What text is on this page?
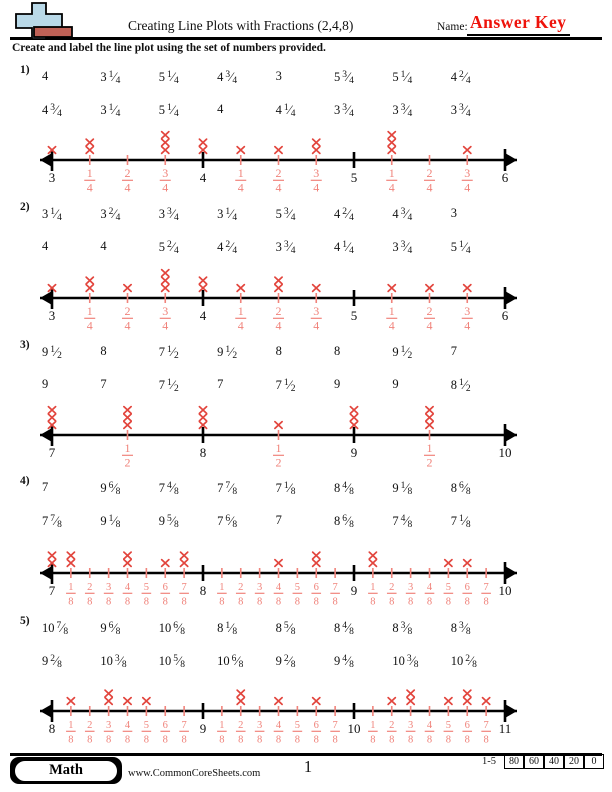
Creating Line Plots with Fractions (2,4,8)	Name: Answer Key
Create and label the line plot using the set of numbers provided.
1) 4	3 $^1$⁄4	5 $^1$⁄4	4 $^3$⁄4	3	5 $^3$⁄4	5 $^1$⁄4	4 $^2$⁄4
4 $^3$⁄4	3 $^1$⁄4	5 $^1$⁄4	4	4 $^1$⁄4	3 $^3$⁄4	3 $^3$⁄4	3 $^3$⁄4
3	1
4
2
4
3
4
4	1
4
2
4
3
4
5	1
4
2
4
3
4
6
2) 3 $^1$⁄4	3 $^2$⁄4	3 $^3$⁄4	3 $^1$⁄4	5 $^3$⁄4	4 $^2$⁄4	4 $^3$⁄4	3
4	4	5 $^2$⁄4	4 $^2$⁄4	3 $^3$⁄4	4 $^1$⁄4	3 $^3$⁄4	5 $^1$⁄4
3	1
4
2
4
3
4
4	1
4
2
4
3
4
5	1
4
2
4
3
4
6
3) 9 $^1$⁄2	8	7 $^1$⁄2	9 $^1$⁄2	8	8	9 $^1$⁄2	7
9	7	7 $^1$⁄2	7	7 $^1$⁄2	9	9	8 $^1$⁄2
7	1
2
8	1
2
9	1
2
10
4) 7	9 $^6$⁄8	7 $^4$⁄8	7 $^7$⁄8	7 $^1$⁄8	8 $^4$⁄8	9 $^1$⁄8	8 $^6$⁄8
7 $^7$⁄8	9 $^1$⁄8	9 $^5$⁄8	7 $^6$⁄8	7	8 $^6$⁄8	7 $^4$⁄8	7 $^1$⁄8
7 1
8
2
8
3
8
4
8
5
8
6
8
7
8
8 1
8
2
8
3
8
4
8
5
8
6
8
7
8
9 1
8
2
8
3
8
4
8
5
8
6
8
7
8
10
5) 10 $^7$⁄8	9 $^6$⁄8	10 $^6$⁄8	8 $^1$⁄8	8 $^5$⁄8	8 $^4$⁄8	8 $^3$⁄8	8 $^3$⁄8
9 $^2$⁄8	10 $^3$⁄8	10 $^5$⁄8	10 $^6$⁄8	9 $^2$⁄8	9 $^4$⁄8	10 $^3$⁄8	10 $^2$⁄8
8 1
8
2
8
3
8
4
8
5
8
6
8
7
8
9 1
8
2
8
3
8
4
8
5
8
6
8
7
8
10 1
8
2
8
3
8
4
8
5
8
6
8
7
8
11
Math	www.CommonCoreSheets.com	1	1-5	80	60	40	20	0
